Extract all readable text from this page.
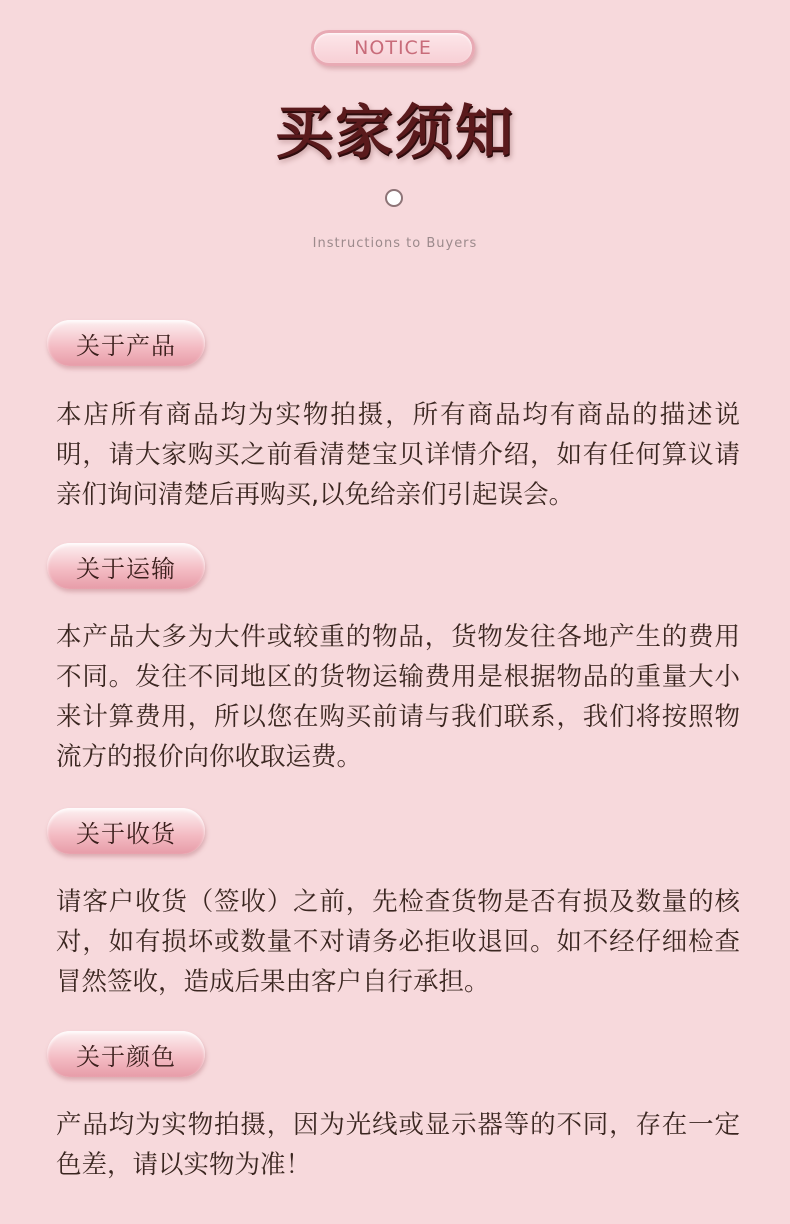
NOTICE
买家须知
Instructions to Buyers
关于产品

本店所有商品均为实物拍摄，所有商品均有商品的描述说明，请大家购买之前看清楚宝贝详情介绍，如有任何算议请亲们询问清楚后再购买,以免给亲们引起误会。

关于运输

本产品大多为大件或较重的物品，货物发往各地产生的费用不同。发往不同地区的货物运输费用是根据物品的重量大小来计算费用，所以您在购买前请与我们联系，我们将按照物流方的报价向你收取运费。

关于收货

请客户收货（签收）之前，先检查货物是否有损及数量的核对，如有损坏或数量不对请务必拒收退回。如不经仔细检查冒然签收，造成后果由客户自行承担。

关于颜色

产品均为实物拍摄，因为光线或显示器等的不同，存在一定色差，请以实物为准！
